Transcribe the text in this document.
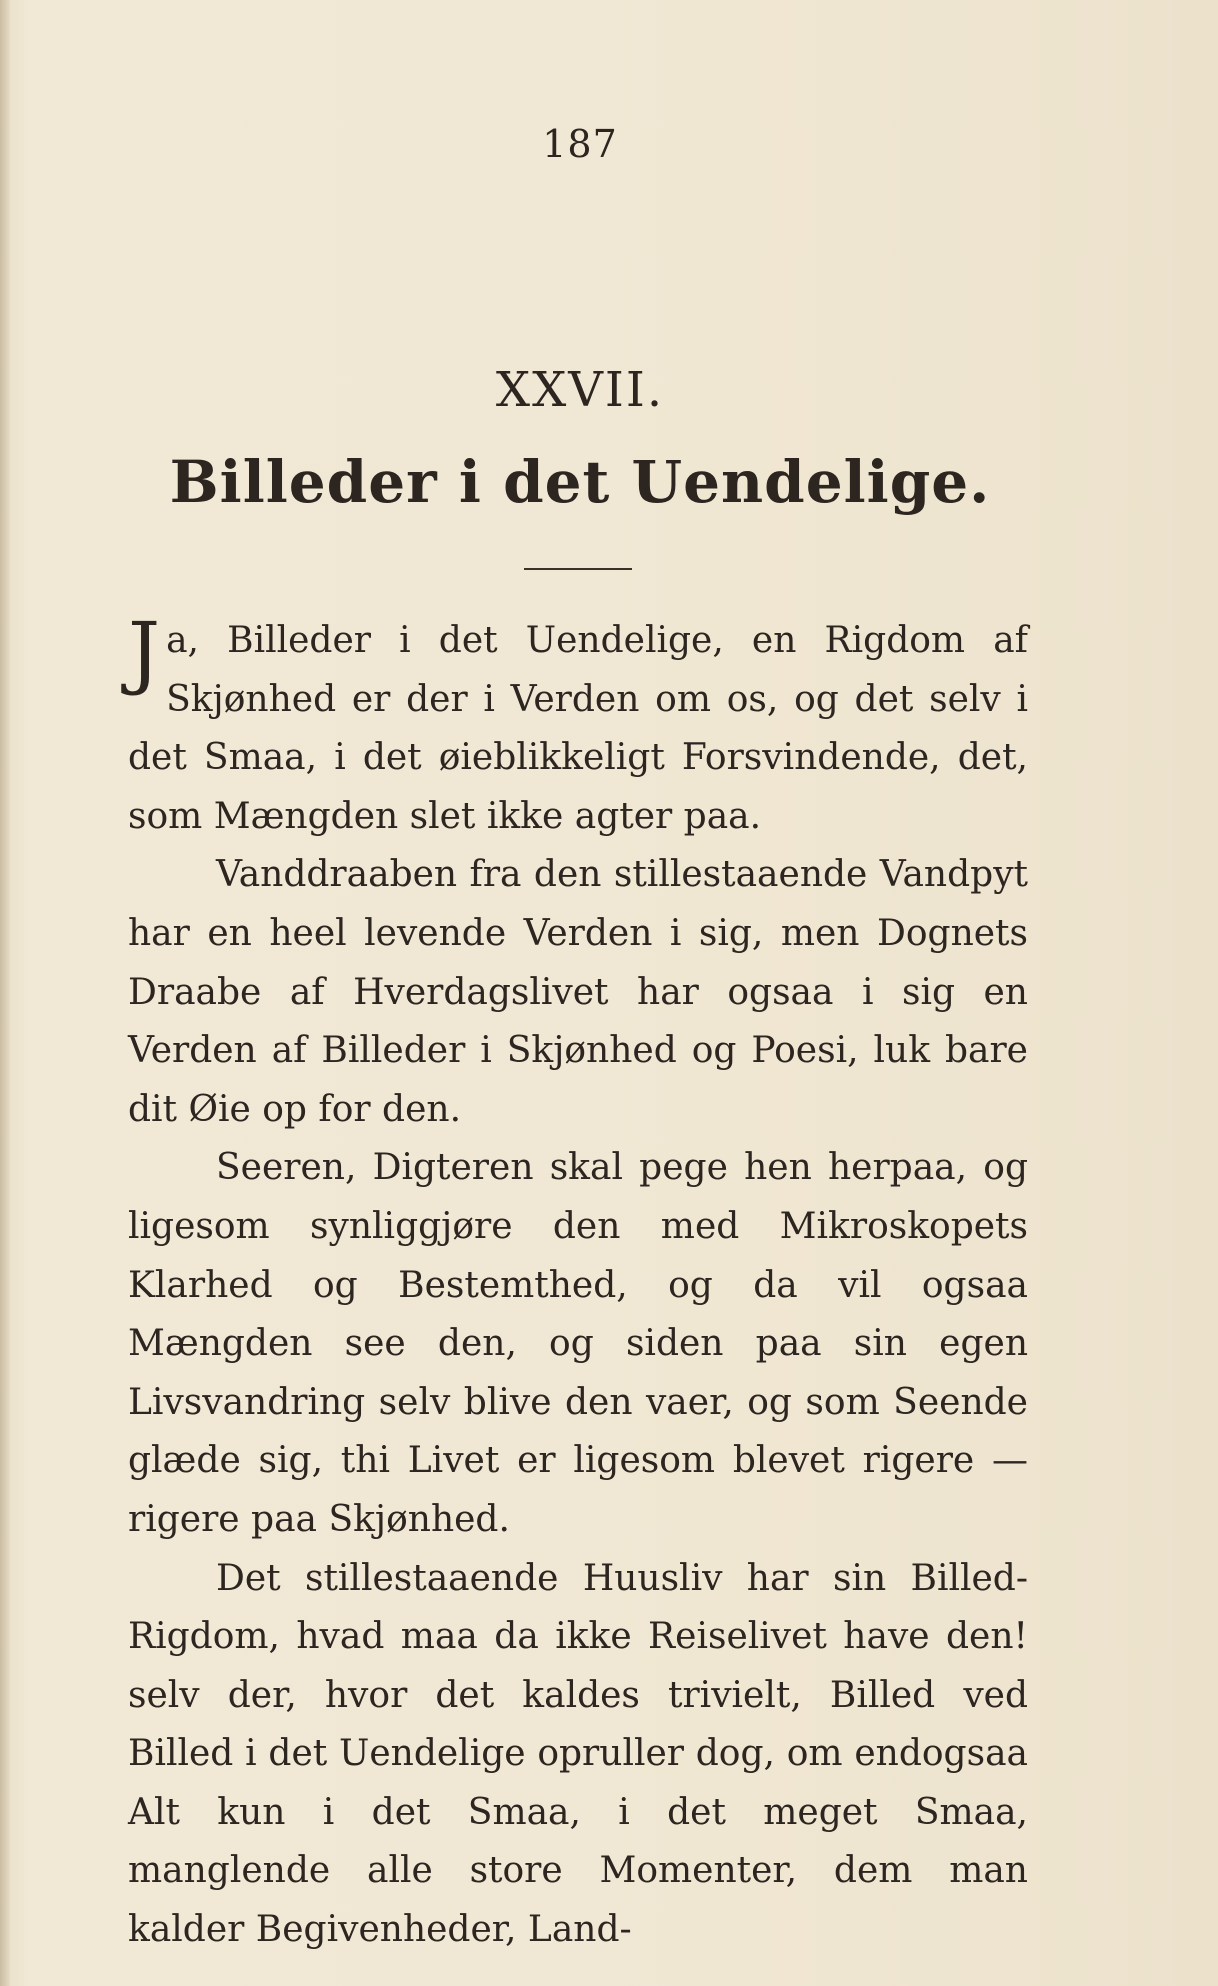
187
XXVII.
Billeder i det Uendelige.

Ja, Billeder i det Uendelige, en Rigdom af Skjønhed er der i Verden om os, og det selv i det Smaa, i det øieblikkeligt Forsvindende, det, som Mængden slet ikke agter paa.

Vanddraaben fra den stillestaaende Vandpyt har en heel levende Verden i sig, men Dognets Draabe af Hverdagslivet har ogsaa i sig en Verden af Billeder i Skjønhed og Poesi, luk bare dit Øie op for den.

Seeren, Digteren skal pege hen herpaa, og ligesom synliggjøre den med Mikroskopets Klarhed og Bestemthed, og da vil ogsaa Mængden see den, og siden paa sin egen Livsvandring selv blive den vaer, og som Seende glæde sig, thi Livet er ligesom blevet rigere — rigere paa Skjønhed.

Det stillestaaende Huusliv har sin Billed-Rigdom, hvad maa da ikke Reiselivet have den! selv der, hvor det kaldes trivielt, Billed ved Billed i det Uendelige opruller dog, om endogsaa Alt kun i det Smaa, i det meget Smaa, manglende alle store Momenter, dem man kalder Begivenheder, Land-
